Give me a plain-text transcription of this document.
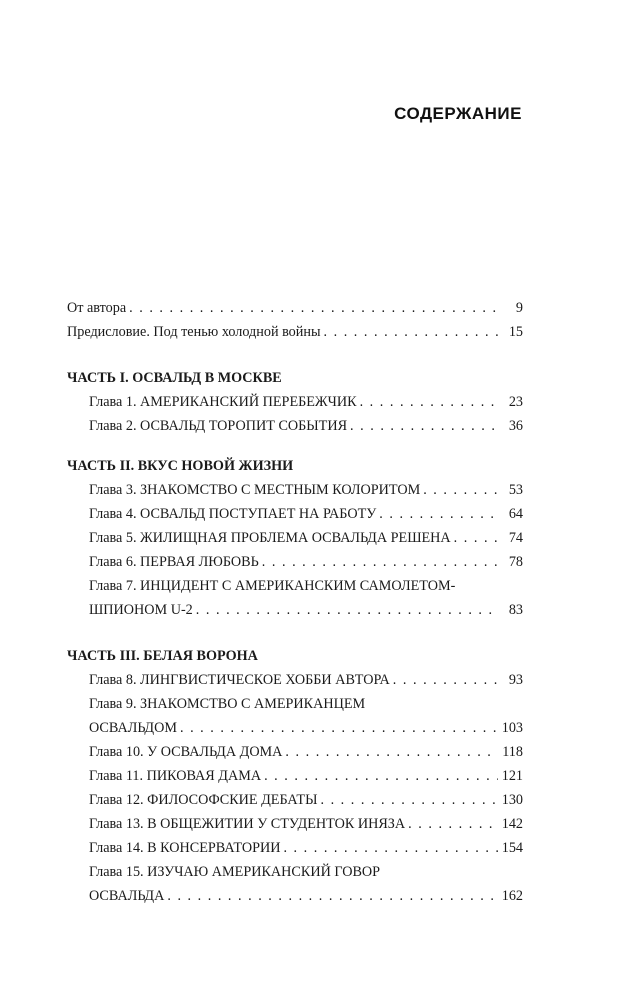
СОДЕРЖАНИЕ
От автора . . .	9
Предисловие. Под тенью холодной войны . . .	15
ЧАСТЬ I. ОСВАЛЬД В МОСКВЕ
Глава 1. АМЕРИКАНСКИЙ ПЕРЕБЕЖЧИК . . .	23
Глава 2. ОСВАЛЬД ТОРОПИТ СОБЫТИЯ . . .	36
ЧАСТЬ II. ВКУС НОВОЙ ЖИЗНИ
Глава 3. ЗНАКОМСТВО С МЕСТНЫМ КОЛОРИТОМ . . .	53
Глава 4. ОСВАЛЬД ПОСТУПАЕТ НА РАБОТУ . . .	64
Глава 5. ЖИЛИЩНАЯ ПРОБЛЕМА ОСВАЛЬДА РЕШЕНА . . .	74
Глава 6. ПЕРВАЯ ЛЮБОВЬ . . .	78
Глава 7. ИНЦИДЕНТ С АМЕРИКАНСКИМ САМОЛЕТОМ-
ШПИОНОМ U-2 . . .	83
ЧАСТЬ III. БЕЛАЯ ВОРОНА
Глава 8. ЛИНГВИСТИЧЕСКОЕ ХОББИ АВТОРА . . .	93
Глава 9. ЗНАКОМСТВО С АМЕРИКАНЦЕМ
ОСВАЛЬДОМ . . .	103
Глава 10. У ОСВАЛЬДА ДОМА . . .	118
Глава 11. ПИКОВАЯ ДАМА . . .	121
Глава 12. ФИЛОСОФСКИЕ ДЕБАТЫ . . .	130
Глава 13. В ОБЩЕЖИТИИ У СТУДЕНТОК ИНЯЗА . . .	142
Глава 14. В КОНСЕРВАТОРИИ . . .	154
Глава 15. ИЗУЧАЮ АМЕРИКАНСКИЙ ГОВОР
ОСВАЛЬДА . . .	162
